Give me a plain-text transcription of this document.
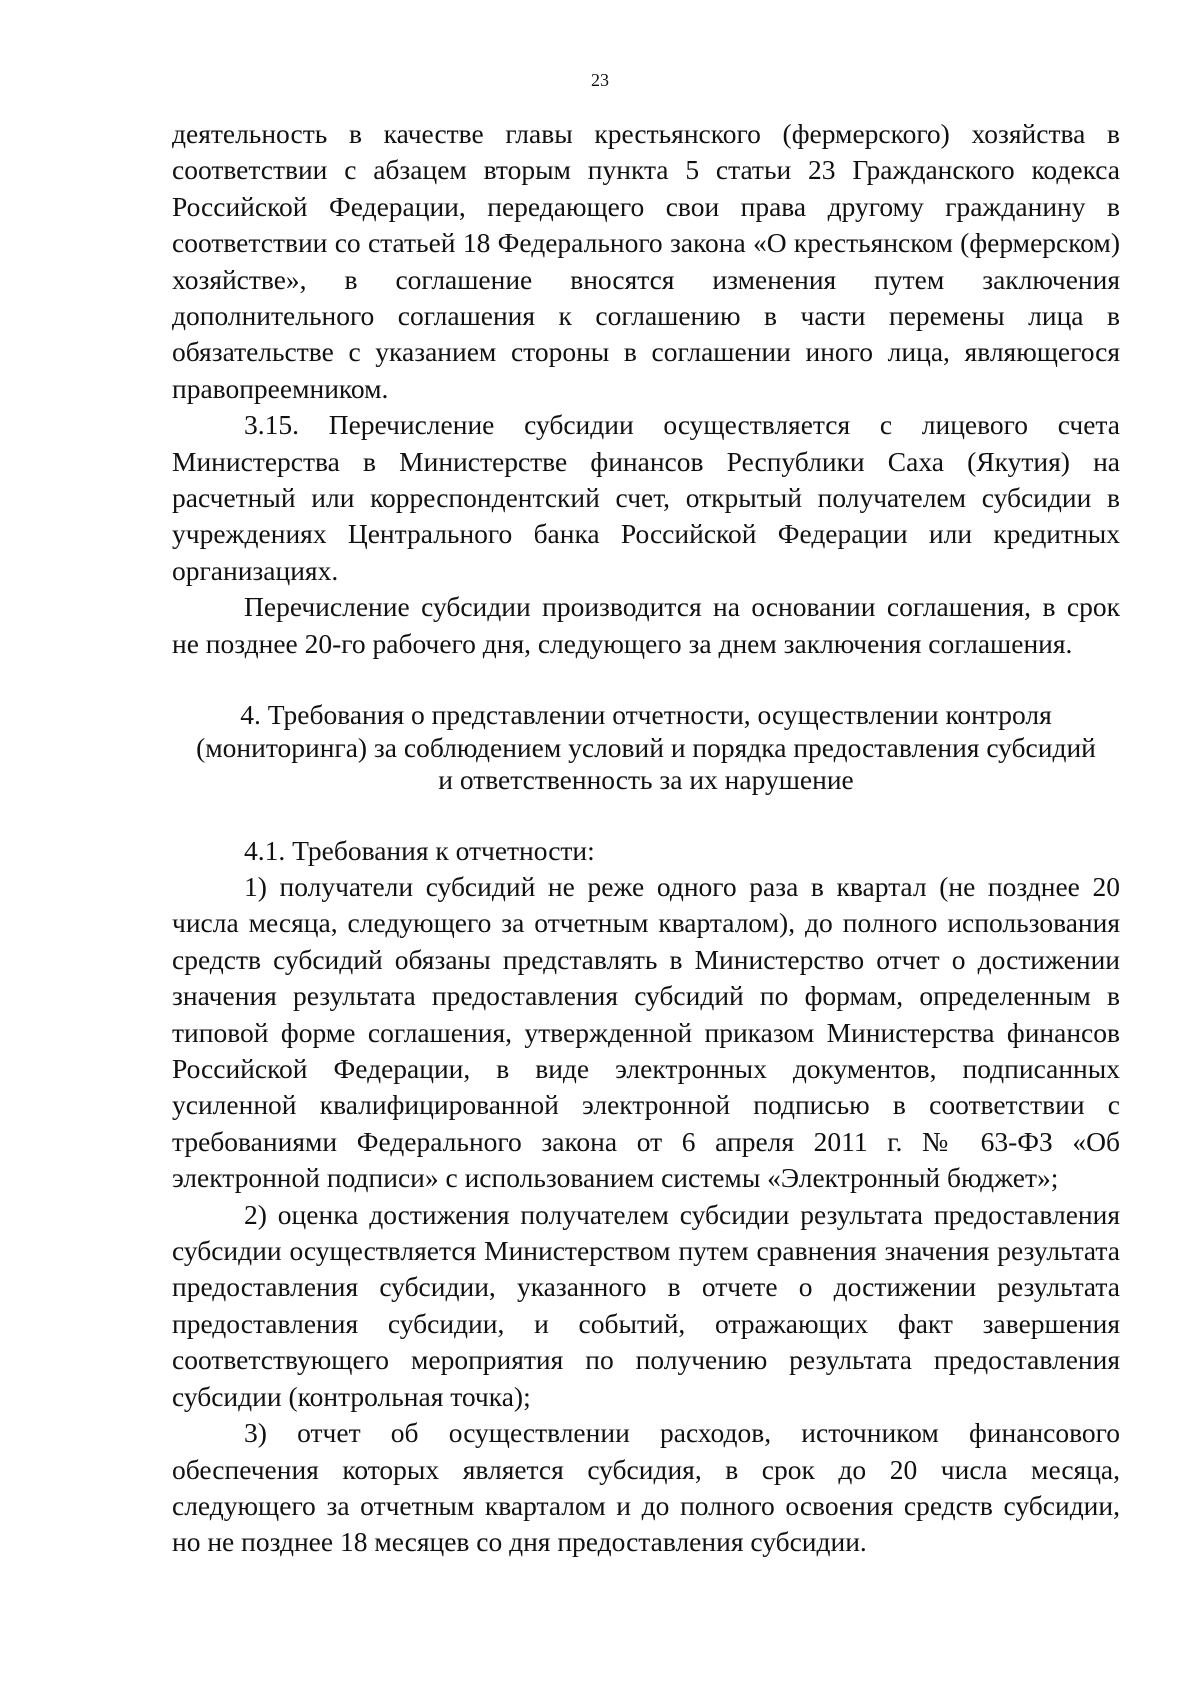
23

деятельность в качестве главы крестьянского (фермерского) хозяйства в соответствии с абзацем вторым пункта 5 статьи 23 Гражданского кодекса Российской Федерации, передающего свои права другому гражданину в соответствии со статьей 18 Федерального закона «О крестьянском (фермерском) хозяйстве», в соглашение вносятся изменения путем заключения дополнительного соглашения к соглашению в части перемены лица в обязательстве с указанием стороны в соглашении иного лица, являющегося правопреемником.

3.15. Перечисление субсидии осуществляется с лицевого счета Министерства в Министерстве финансов Республики Саха (Якутия) на расчетный или корреспондентский счет, открытый получателем субсидии в учреждениях Центрального банка Российской Федерации или кредитных организациях.

Перечисление субсидии производится на основании соглашения, в срок не позднее 20-го рабочего дня, следующего за днем заключения соглашения.

4. Требования о представлении отчетности, осуществлении контроля
(мониторинга) за соблюдением условий и порядка предоставления субсидий
и ответственность за их нарушение

4.1. Требования к отчетности:

1) получатели субсидий не реже одного раза в квартал (не позднее 20 числа месяца, следующего за отчетным кварталом), до полного использования средств субсидий обязаны представлять в Министерство отчет о достижении значения результата предоставления субсидий по формам, определенным в типовой форме соглашения, утвержденной приказом Министерства финансов Российской Федерации, в виде электронных документов, подписанных усиленной квалифицированной электронной подписью в соответствии с требованиями Федерального закона от 6 апреля 2011 г. № 63-ФЗ «Об электронной подписи» с использованием системы «Электронный бюджет»;

2) оценка достижения получателем субсидии результата предоставления субсидии осуществляется Министерством путем сравнения значения результата предоставления субсидии, указанного в отчете о достижении результата предоставления субсидии, и событий, отражающих факт завершения соответствующего мероприятия по получению результата предоставления субсидии (контрольная точка);

3) отчет об осуществлении расходов, источником финансового обеспечения которых является субсидия, в срок до 20 числа месяца, следующего за отчетным кварталом и до полного освоения средств субсидии, но не позднее 18 месяцев со дня предоставления субсидии.
